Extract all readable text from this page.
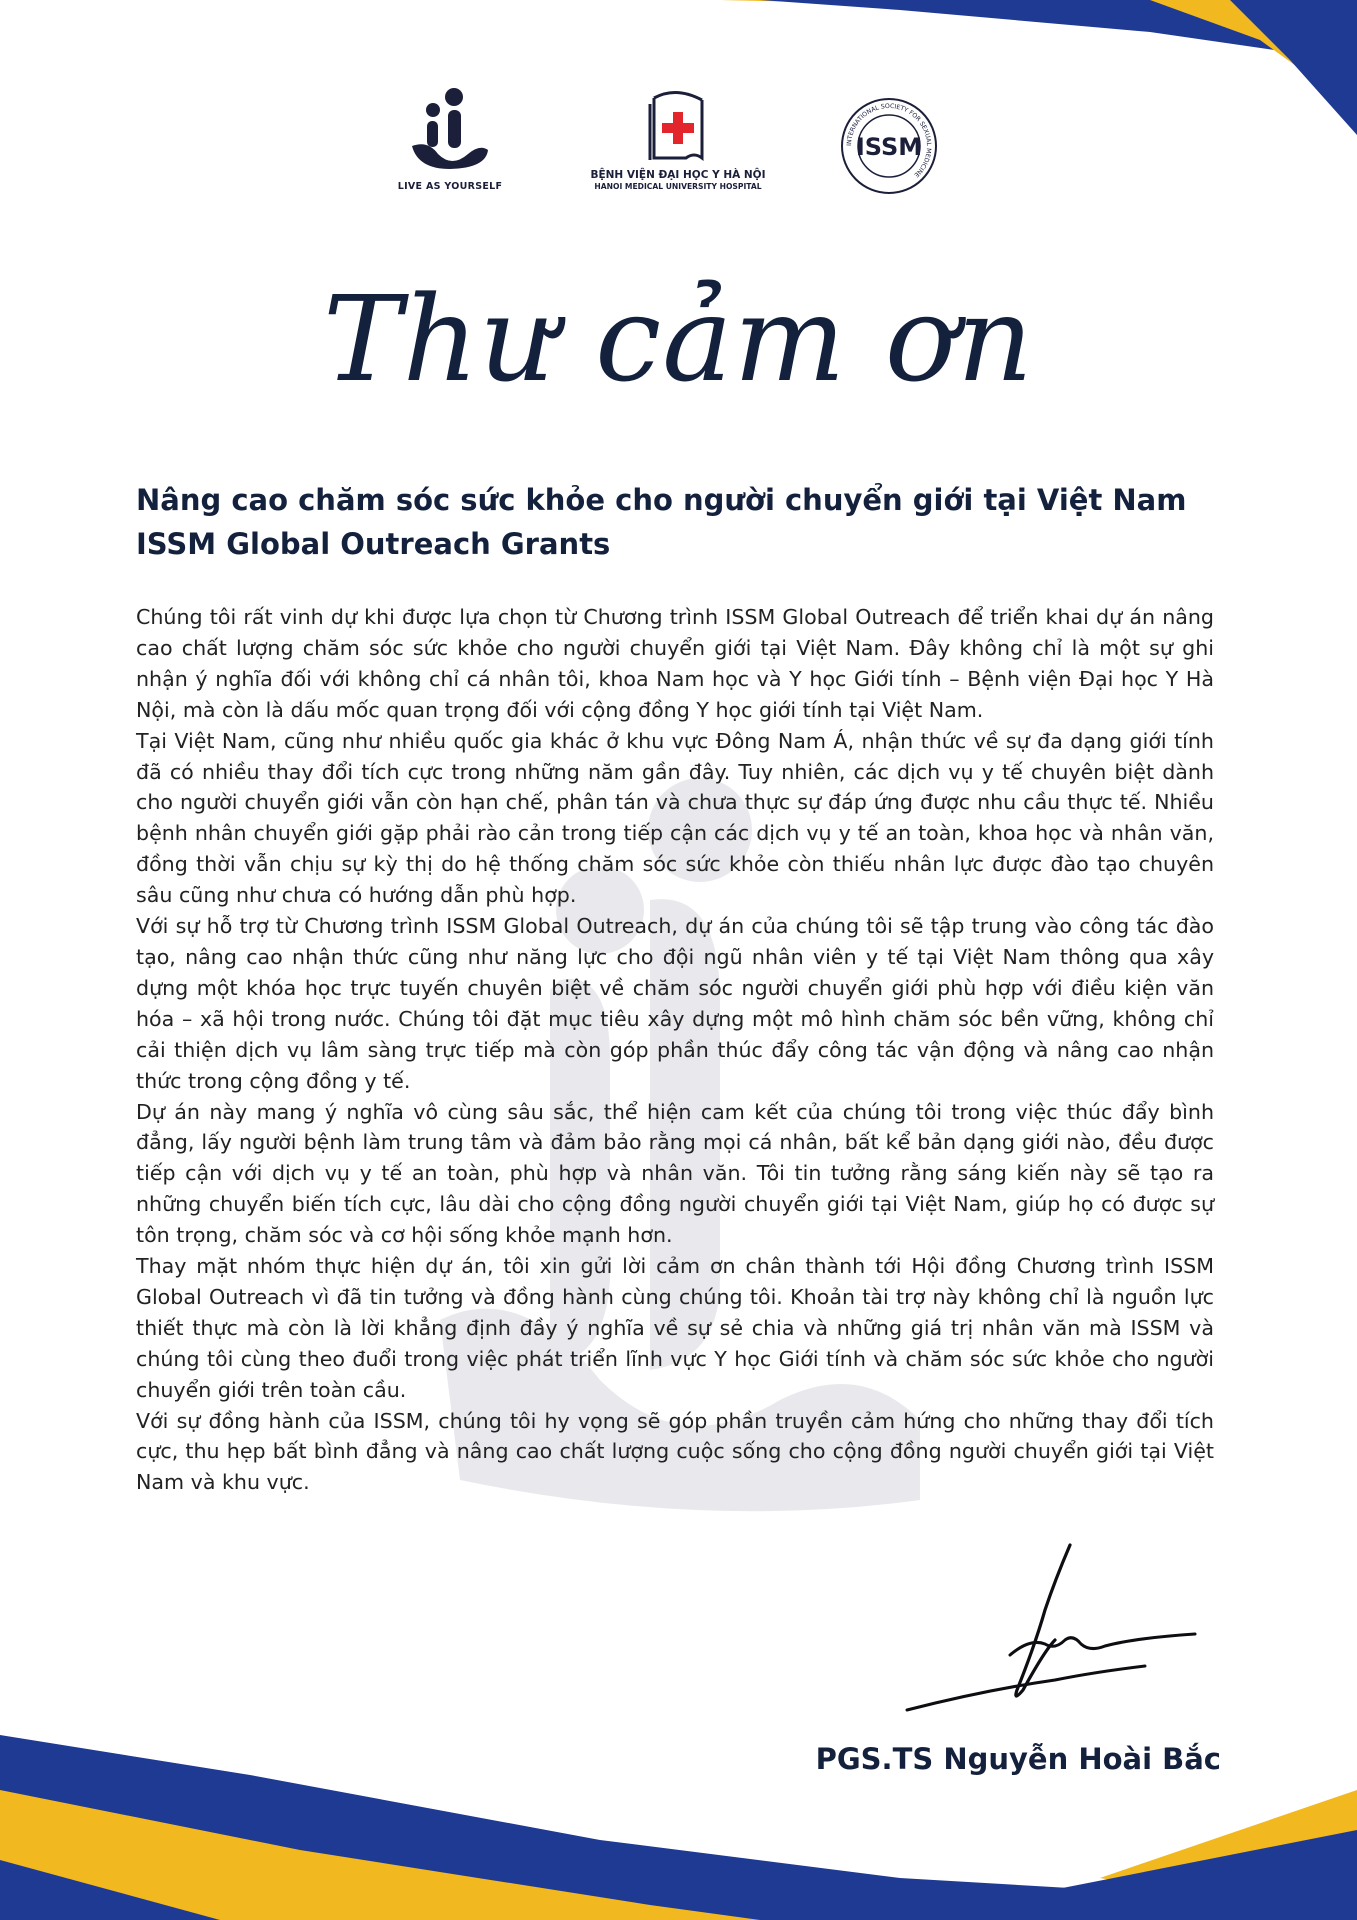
LIVE AS YOURSELF
BỆNH VIỆN ĐẠI HỌC Y HÀ NỘI
HANOI MEDICAL UNIVERSITY HOSPITAL
INTERNATIONAL SOCIETY FOR SEXUAL MEDICINE
ISSM
Thư cảm ơn
Nâng cao chăm sóc sức khỏe cho người chuyển giới tại Việt Nam
ISSM Global Outreach Grants

Chúng tôi rất vinh dự khi được lựa chọn từ Chương trình ISSM Global Outreach để triển khai dự án nâng cao chất lượng chăm sóc sức khỏe cho người chuyển giới tại Việt Nam. Đây không chỉ là một sự ghi nhận ý nghĩa đối với không chỉ cá nhân tôi, khoa Nam học và Y học Giới tính – Bệnh viện Đại học Y Hà Nội, mà còn là dấu mốc quan trọng đối với cộng đồng Y học giới tính tại Việt Nam.

Tại Việt Nam, cũng như nhiều quốc gia khác ở khu vực Đông Nam Á, nhận thức về sự đa dạng giới tính đã có nhiều thay đổi tích cực trong những năm gần đây. Tuy nhiên, các dịch vụ y tế chuyên biệt dành cho người chuyển giới vẫn còn hạn chế, phân tán và chưa thực sự đáp ứng được nhu cầu thực tế. Nhiều bệnh nhân chuyển giới gặp phải rào cản trong tiếp cận các dịch vụ y tế an toàn, khoa học và nhân văn, đồng thời vẫn chịu sự kỳ thị do hệ thống chăm sóc sức khỏe còn thiếu nhân lực được đào tạo chuyên sâu cũng như chưa có hướng dẫn phù hợp.

Với sự hỗ trợ từ Chương trình ISSM Global Outreach, dự án của chúng tôi sẽ tập trung vào công tác đào tạo, nâng cao nhận thức cũng như năng lực cho đội ngũ nhân viên y tế tại Việt Nam thông qua xây dựng một khóa học trực tuyến chuyên biệt về chăm sóc người chuyển giới phù hợp với điều kiện văn hóa – xã hội trong nước. Chúng tôi đặt mục tiêu xây dựng một mô hình chăm sóc bền vững, không chỉ cải thiện dịch vụ lâm sàng trực tiếp mà còn góp phần thúc đẩy công tác vận động và nâng cao nhận thức trong cộng đồng y tế.

Dự án này mang ý nghĩa vô cùng sâu sắc, thể hiện cam kết của chúng tôi trong việc thúc đẩy bình đẳng, lấy người bệnh làm trung tâm và đảm bảo rằng mọi cá nhân, bất kể bản dạng giới nào, đều được tiếp cận với dịch vụ y tế an toàn, phù hợp và nhân văn. Tôi tin tưởng rằng sáng kiến này sẽ tạo ra những chuyển biến tích cực, lâu dài cho cộng đồng người chuyển giới tại Việt Nam, giúp họ có được sự tôn trọng, chăm sóc và cơ hội sống khỏe mạnh hơn.

Thay mặt nhóm thực hiện dự án, tôi xin gửi lời cảm ơn chân thành tới Hội đồng Chương trình ISSM Global Outreach vì đã tin tưởng và đồng hành cùng chúng tôi. Khoản tài trợ này không chỉ là nguồn lực thiết thực mà còn là lời khẳng định đầy ý nghĩa về sự sẻ chia và những giá trị nhân văn mà ISSM và chúng tôi cùng theo đuổi trong việc phát triển lĩnh vực Y học Giới tính và chăm sóc sức khỏe cho người chuyển giới trên toàn cầu.

Với sự đồng hành của ISSM, chúng tôi hy vọng sẽ góp phần truyền cảm hứng cho những thay đổi tích cực, thu hẹp bất bình đẳng và nâng cao chất lượng cuộc sống cho cộng đồng người chuyển giới tại Việt Nam và khu vực.

PGS.TS Nguyễn Hoài Bắc
